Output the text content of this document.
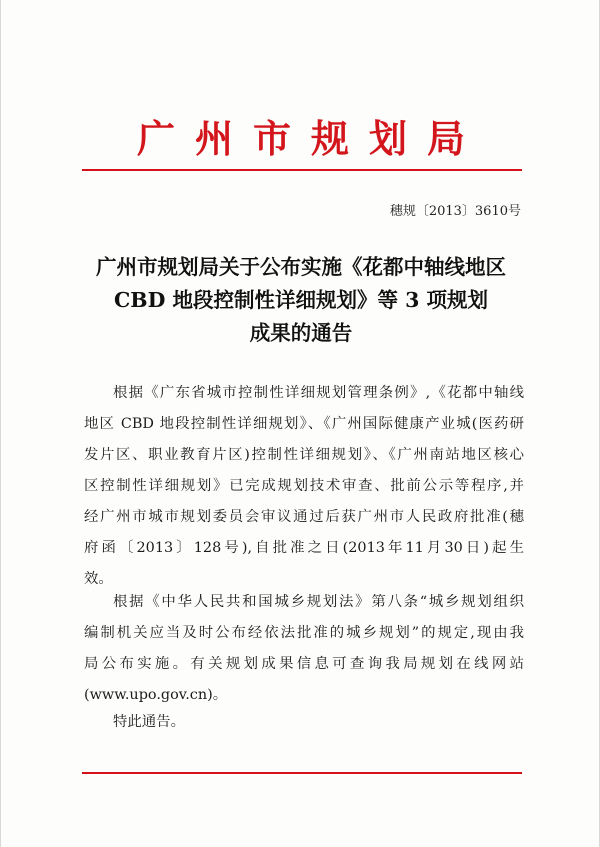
广州市规划局
穗规〔2013〕3610号
广州市规划局关于公布实施《花都中轴线地区
CBD 地段控制性详细规划》等 3 项规划
成果的通告
根据《广东省城市控制性详细规划管理条例》,《花都中轴线
地区 CBD 地段控制性详细规划》、《广州国际健康产业城(医药研
发片区、职业教育片区)控制性详细规划》、《广州南站地区核心
区控制性详细规划》已完成规划技术审查、批前公示等程序,并
经广州市城市规划委员会审议通过后获广州市人民政府批准(穗
府函〔2013〕128号),自批准之日(2013年11月30日)起生
效。
根据《中华人民共和国城乡规划法》第八条“城乡规划组织
编制机关应当及时公布经依法批准的城乡规划”的规定,现由我
局公布实施。有关规划成果信息可查询我局规划在线网站
(www.upo.gov.cn)。
特此通告。
